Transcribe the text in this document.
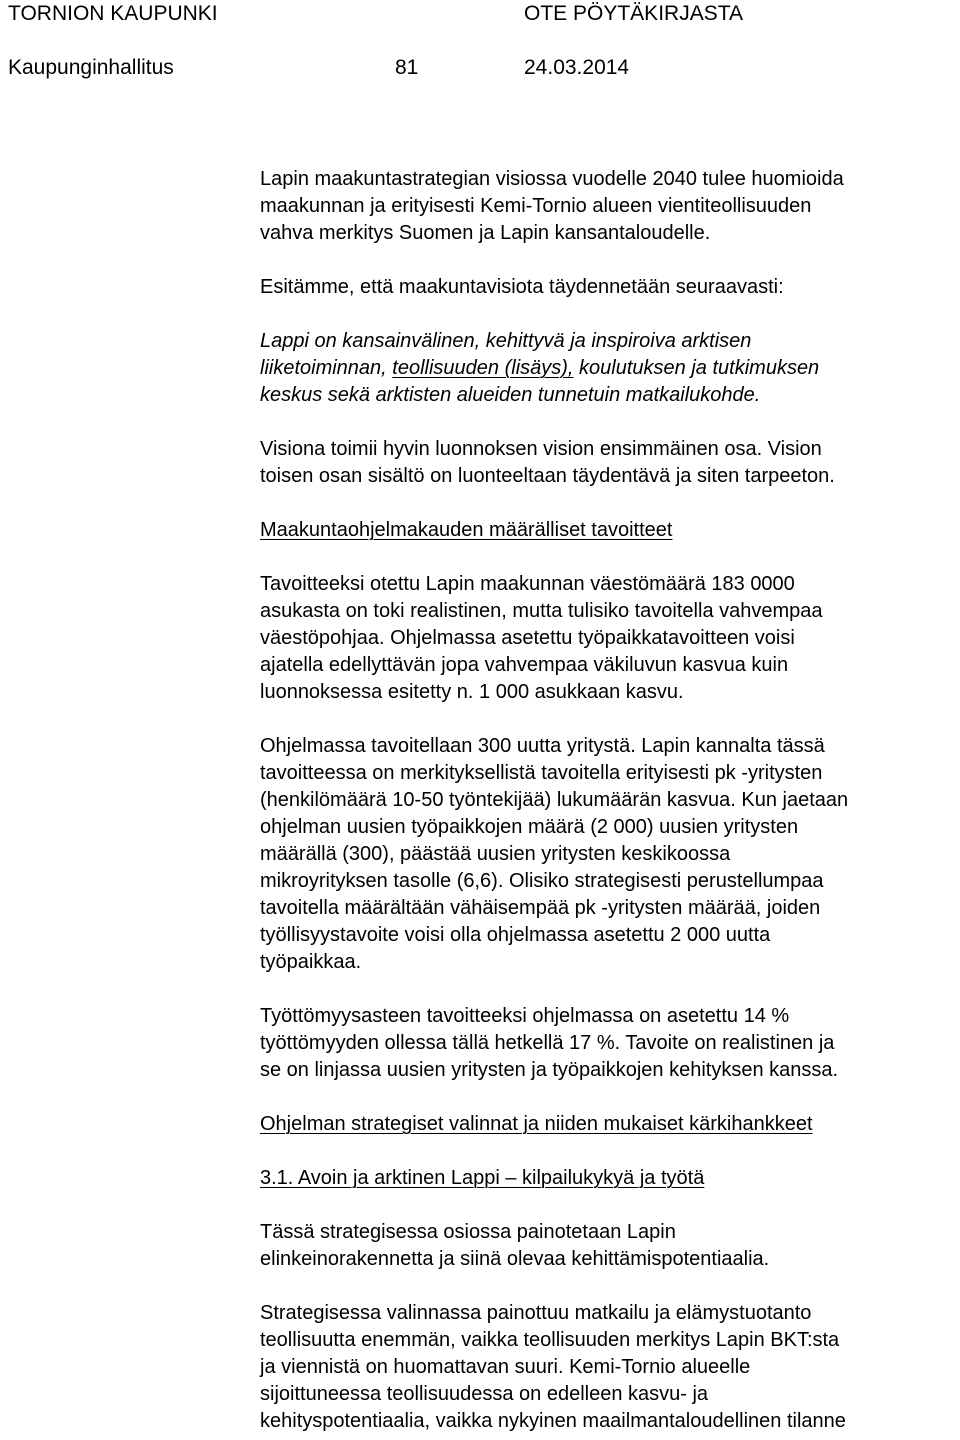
TORNION KAUPUNKI	OTE PÖYTÄKIRJASTA
Kaupunginhallitus	81	24.03.2014
Lapin maakuntastrategian visiossa vuodelle 2040 tulee huomioida
maakunnan ja erityisesti Kemi-Tornio alueen vientiteollisuuden
vahva merkitys Suomen ja Lapin kansantaloudelle.
Esitämme, että maakuntavisiota täydennetään seuraavasti:
Lappi on kansainvälinen, kehittyvä ja inspiroiva arktisen
liiketoiminnan, teollisuuden (lisäys), koulutuksen ja tutkimuksen
keskus sekä arktisten alueiden tunnetuin matkailukohde.
Visiona toimii hyvin luonnoksen vision ensimmäinen osa. Vision
toisen osan sisältö on luonteeltaan täydentävä ja siten tarpeeton.
Maakuntaohjelmakauden määrälliset tavoitteet
Tavoitteeksi otettu Lapin maakunnan väestömäärä 183 0000
asukasta on toki realistinen, mutta tulisiko tavoitella vahvempaa
väestöpohjaa. Ohjelmassa asetettu työpaikkatavoitteen voisi
ajatella edellyttävän jopa vahvempaa väkiluvun kasvua kuin
luonnoksessa esitetty n. 1 000 asukkaan kasvu.
Ohjelmassa tavoitellaan 300 uutta yritystä. Lapin kannalta tässä
tavoitteessa on merkityksellistä tavoitella erityisesti pk -yritysten
(henkilömäärä 10-50 työntekijää) lukumäärän kasvua. Kun jaetaan
ohjelman uusien työpaikkojen määrä (2 000) uusien yritysten
määrällä (300), päästää uusien yritysten keskikoossa
mikroyrityksen tasolle (6,6). Olisiko strategisesti perustellumpaa
tavoitella määrältään vähäisempää pk -yritysten määrää, joiden
työllisyystavoite voisi olla ohjelmassa asetettu 2 000 uutta
työpaikkaa.
Työttömyysasteen tavoitteeksi ohjelmassa on asetettu 14 %
työttömyyden ollessa tällä hetkellä 17 %. Tavoite on realistinen ja
se on linjassa uusien yritysten ja työpaikkojen kehityksen kanssa.
Ohjelman strategiset valinnat ja niiden mukaiset kärkihankkeet
3.1. Avoin ja arktinen Lappi – kilpailukykyä ja työtä
Tässä strategisessa osiossa painotetaan Lapin
elinkeinorakennetta ja siinä olevaa kehittämispotentiaalia.
Strategisessa valinnassa painottuu matkailu ja elämystuotanto
teollisuutta enemmän, vaikka teollisuuden merkitys Lapin BKT:sta
ja viennistä on huomattavan suuri. Kemi-Tornio alueelle
sijoittuneessa teollisuudessa on edelleen kasvu- ja
kehityspotentiaalia, vaikka nykyinen maailmantaloudellinen tilanne
